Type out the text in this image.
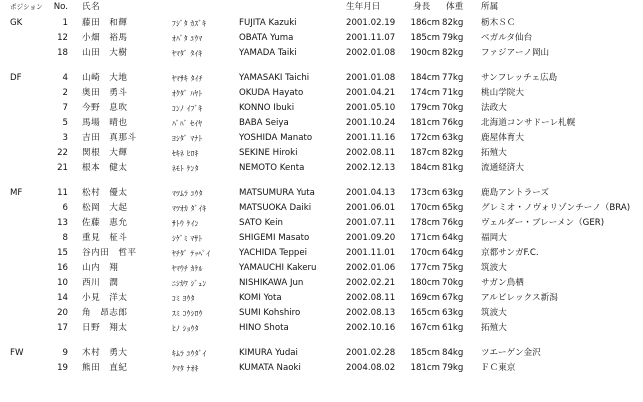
ポジション No. 氏名	生年月日	身長 体重 所属
GK	1 藤田　和輝	ﾌｼﾞﾀ ｶｽﾞｷ	FUJITA Kazuki	2001.02.19 186cm 82kg 栃木ＳＣ
12 小畑　裕馬	ｵﾊﾞﾀ ﾕｳﾏ	OBATA Yuma	2001.11.07 185cm 79kg ベガルタ仙台
18 山田　大樹	ﾔﾏﾀﾞ ﾀｲｷ	YAMADA Taiki	2002.01.08 190cm 82kg ファジアーノ岡山
DF	4 山崎　大地	ﾔﾏｻｷ ﾀｲﾁ	YAMASAKI Taichi	2001.01.08 184cm 77kg サンフレッチェ広島
2 奥田　勇斗	ｵｸﾀﾞ ﾊﾔﾄ	OKUDA Hayato	2001.04.21 174cm 71kg 桃山学院大
7 今野　息吹	ｺﾝﾉ ｲﾌﾞｷ	KONNO Ibuki	2001.05.10 179cm 70kg 法政大
5 馬場　晴也	ﾊﾞﾊﾞ ｾｲﾔ	BABA Seiya	2001.10.24 181cm 76kg 北海道コンサドーレ札幌
3 吉田　真那斗	ﾖｼﾀﾞ ﾏﾅﾄ	YOSHIDA Manato	2001.11.16 172cm 63kg 鹿屋体育大
22 関根　大輝	ｾｷﾈ ﾋﾛｷ	SEKINE Hiroki	2002.08.11 187cm 82kg 拓殖大
21 根本　健太	ﾈﾓﾄ ｹﾝﾀ	NEMOTO Kenta	2002.12.13 184cm 81kg 流通経済大
MF	11 松村　優太	ﾏﾂﾑﾗ ﾕｳﾀ	MATSUMURA Yuta	2001.04.13 173cm 63kg 鹿島アントラーズ
6 松岡　大起	ﾏﾂｵｶ ﾀﾞｲｷ	MATSUOKA Daiki	2001.06.01 170cm 65kg グレミオ・ノヴォリゾンチーノ（BRA)
13 佐藤　恵允	ｻﾄｳ ｹｲﾝ	SATO Kein	2001.07.11 178cm 76kg ヴェルダー・ブレーメン（GER)
8 重見　柾斗	ｼｹﾞﾐ ﾏｻﾄ	SHIGEMI Masato	2001.09.20 171cm 64kg 福岡大
15 谷内田　哲平	ﾔﾁﾀﾞ ﾃｯﾍﾟｲ	YACHIDA Teppei	2001.11.01 170cm 64kg 京都サンガF.C.
16 山内　翔	ﾔﾏｳﾁ ｶｹﾙ	YAMAUCHI Kakeru	2002.01.06 177cm 75kg 筑波大
10 西川　潤	ﾆｼｶﾜ ｼﾞｭﾝ	NISHIKAWA Jun	2002.02.21 180cm 70kg サガン鳥栖
14 小見　洋太	ｺﾐ ﾖｳﾀ	KOMI Yota	2002.08.11 169cm 67kg アルビレックス新潟
20 角　昂志郎	ｽﾐ ｺｳｼﾛｳ	SUMI Kohshiro	2002.08.13 165cm 63kg 筑波大
17 日野　翔太	ﾋﾉ ｼｮｳﾀ	HINO Shota	2002.10.16 167cm 61kg 拓殖大
FW	9 木村　勇大	ｷﾑﾗ ﾕｳﾀﾞｲ	KIMURA Yudai	2001.02.28 185cm 84kg ツエーゲン金沢
19 熊田　直紀	ｸﾏﾀ ﾅｵｷ	KUMATA Naoki	2004.08.02 181cm 79kg ＦＣ東京
